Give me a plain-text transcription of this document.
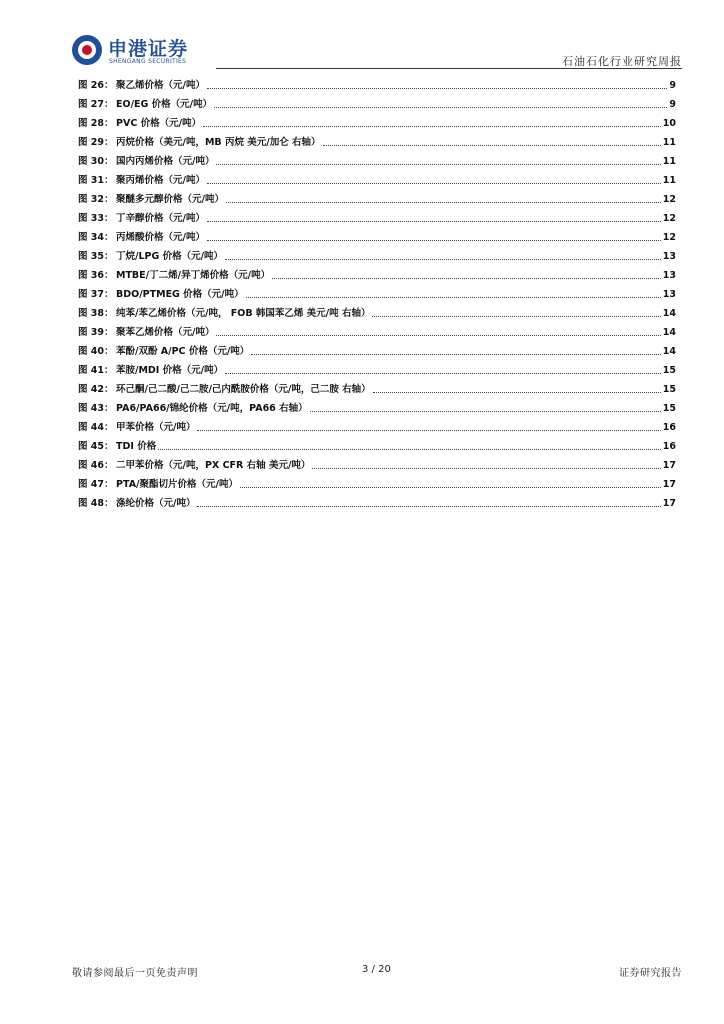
申港证券
SHENGANG SECURITIES	石油石化行业研究周报
图 26： 聚乙烯价格（元/吨）	9
图 27： EO/EG 价格（元/吨）	9
图 28： PVC 价格（元/吨）	10
图 29： 丙烷价格（美元/吨，MB 丙烷 美元/加仑 右轴）	11
图 30： 国内丙烯价格（元/吨）	11
图 31： 聚丙烯价格（元/吨）	11
图 32： 聚醚多元醇价格（元/吨）	12
图 33： 丁辛醇价格（元/吨）	12
图 34： 丙烯酸价格（元/吨）	12
图 35： 丁烷/LPG 价格（元/吨）	13
图 36： MTBE/丁二烯/异丁烯价格（元/吨）	13
图 37： BDO/PTMEG 价格（元/吨）	13
图 38： 纯苯/苯乙烯价格（元/吨， FOB 韩国苯乙烯 美元/吨 右轴）	14
图 39： 聚苯乙烯价格（元/吨）	14
图 40： 苯酚/双酚 A/PC 价格（元/吨）	14
图 41： 苯胺/MDI 价格（元/吨）	15
图 42： 环己酮/己二酸/己二胺/己内酰胺价格（元/吨，己二胺 右轴）	15
图 43： PA6/PA66/锦纶价格（元/吨，PA66 右轴）	15
图 44： 甲苯价格（元/吨）	16
图 45： TDI 价格	16
图 46： 二甲苯价格（元/吨，PX CFR 右轴 美元/吨）	17
图 47： PTA/聚酯切片价格（元/吨）	17
图 48： 涤纶价格（元/吨）	17
敬请参阅最后一页免责声明	3 / 20	证券研究报告
